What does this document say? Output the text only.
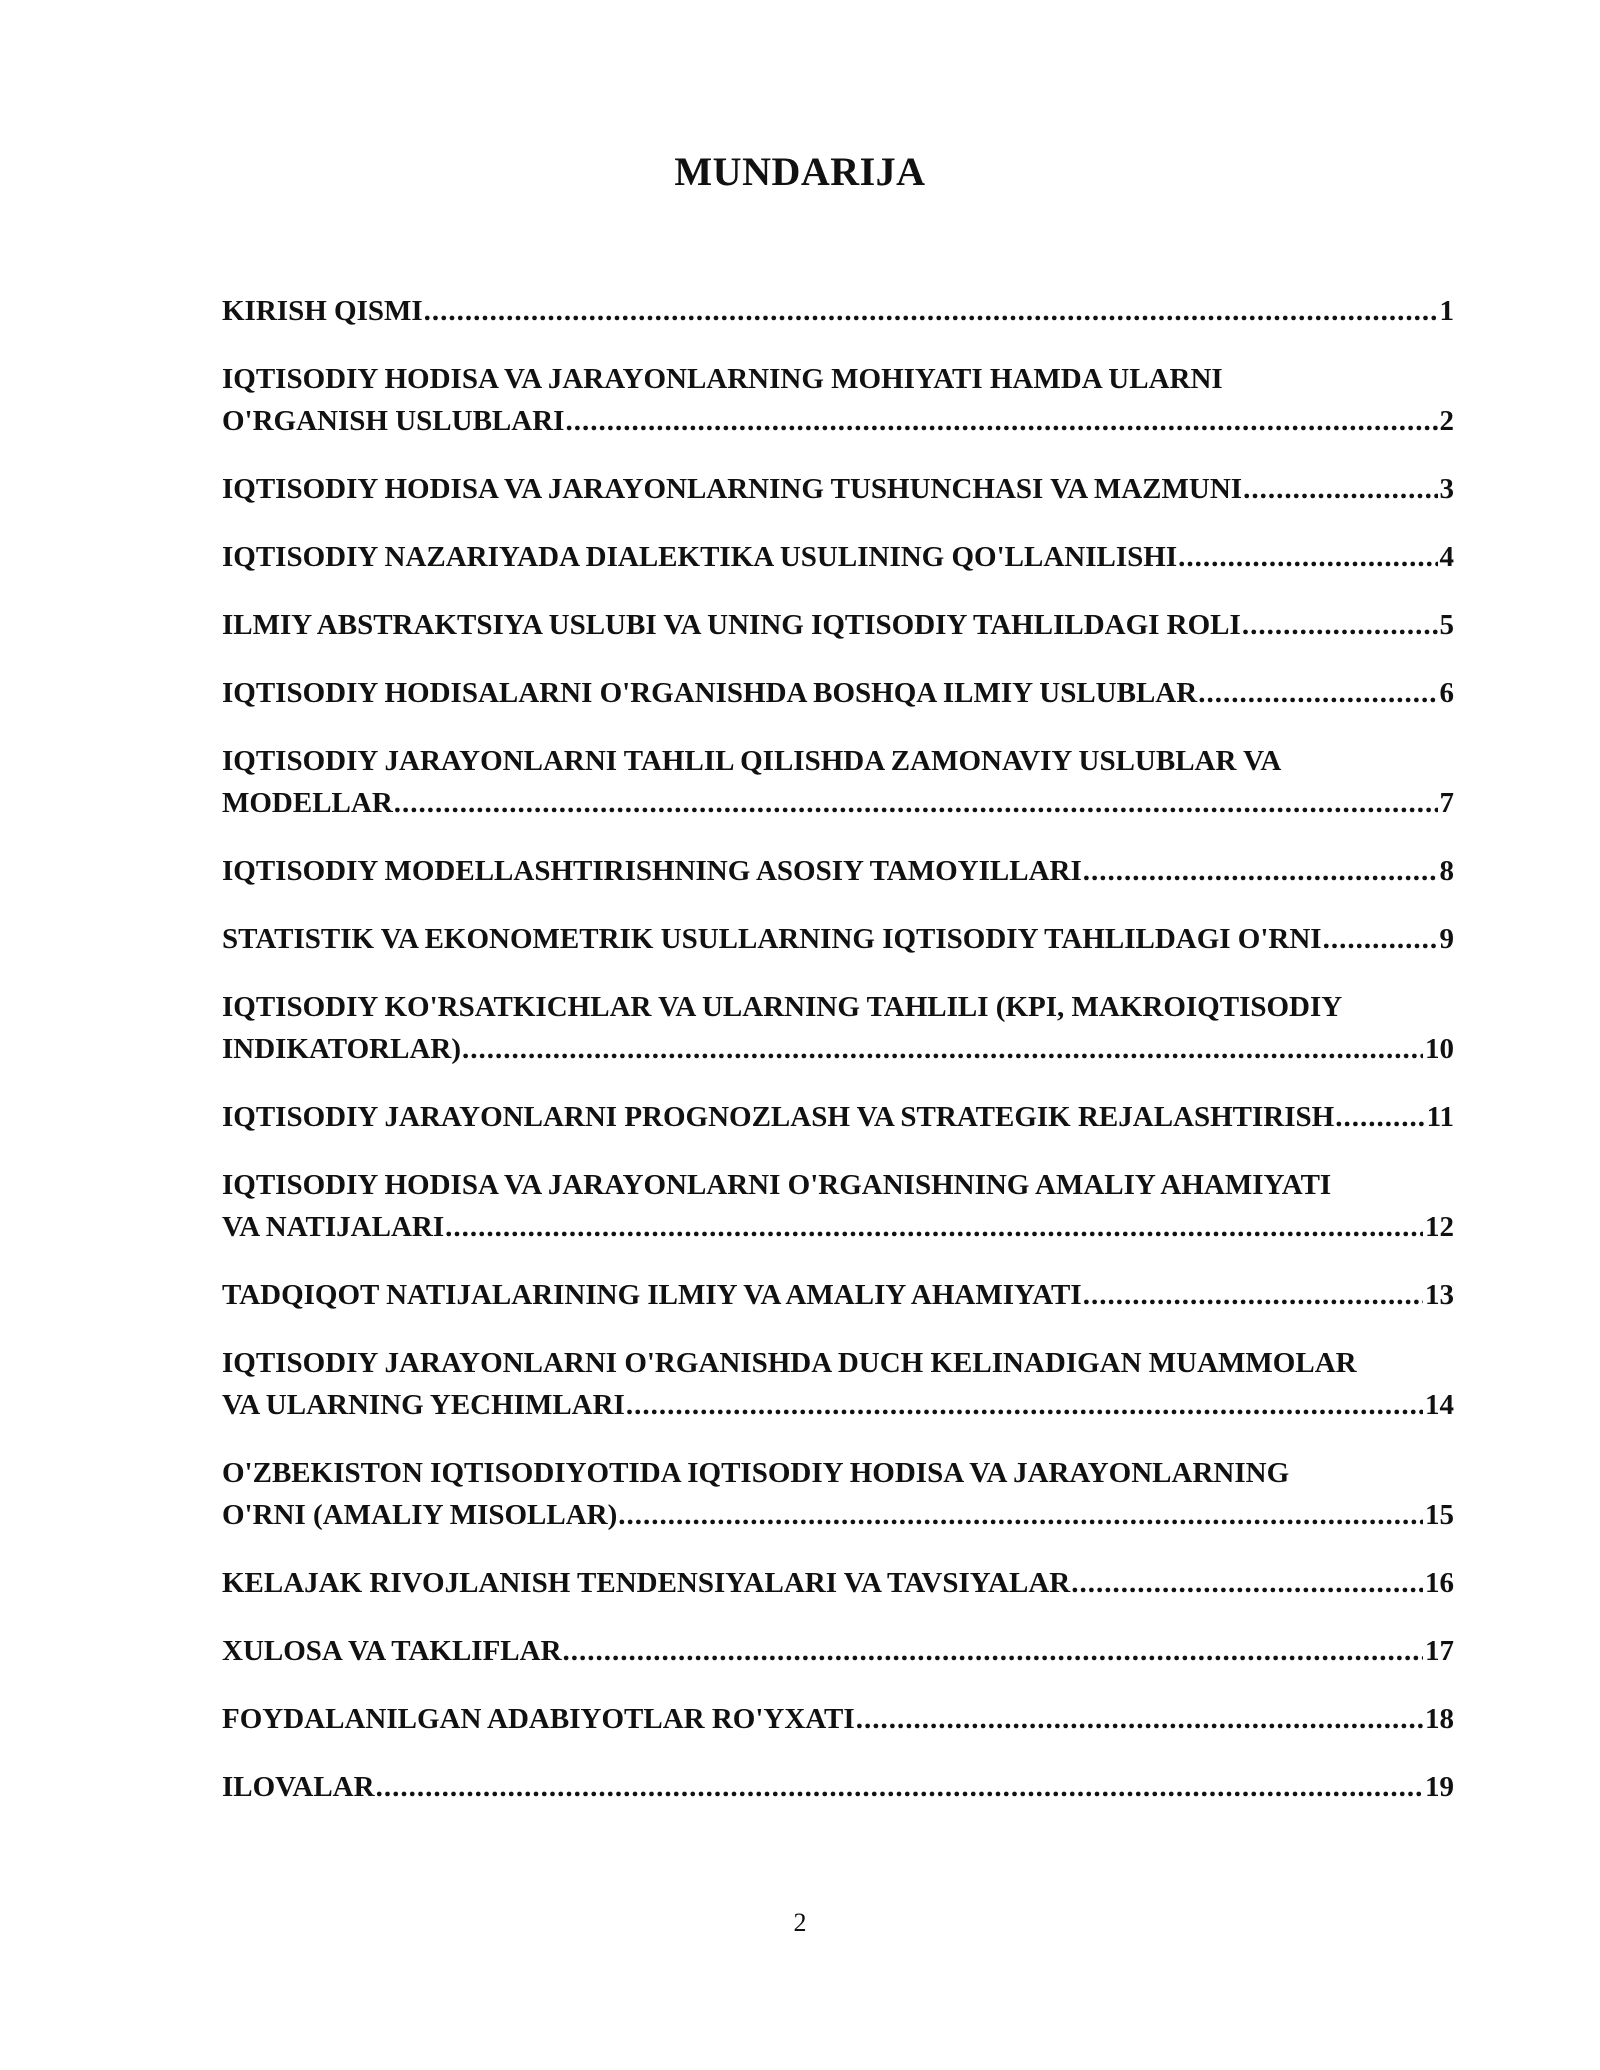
MUNDARIJA
KIRISH QISMI .....	1
IQTISODIY HODISA VA JARAYONLARNING MOHIYATI HAMDA ULARNI
O'RGANISH USLUBLARI .....	2
IQTISODIY HODISA VA JARAYONLARNING TUSHUNCHASI VA MAZMUNI .....	3
IQTISODIY NAZARIYADA DIALEKTIKA USULINING QO'LLANILISHI .....	4
ILMIY ABSTRAKTSIYA USLUBI VA UNING IQTISODIY TAHLILDAGI ROLI .....	5
IQTISODIY HODISALARNI O'RGANISHDA BOSHQA ILMIY USLUBLAR .....	6
IQTISODIY JARAYONLARNI TAHLIL QILISHDA ZAMONAVIY USLUBLAR VA
MODELLAR .....	7
IQTISODIY MODELLASHTIRISHNING ASOSIY TAMOYILLARI .....	8
STATISTIK VA EKONOMETRIK USULLARNING IQTISODIY TAHLILDAGI O'RNI .....	9
IQTISODIY KO'RSATKICHLAR VA ULARNING TAHLILI (KPI, MAKROIQTISODIY
INDIKATORLAR) .....	10
IQTISODIY JARAYONLARNI PROGNOZLASH VA STRATEGIK REJALASHTIRISH .....	11
IQTISODIY HODISA VA JARAYONLARNI O'RGANISHNING AMALIY AHAMIYATI
VA NATIJALARI .....	12
TADQIQOT NATIJALARINING ILMIY VA AMALIY AHAMIYATI .....	13
IQTISODIY JARAYONLARNI O'RGANISHDA DUCH KELINADIGAN MUAMMOLAR
VA ULARNING YECHIMLARI .....	14
O'ZBEKISTON IQTISODIYOTIDA IQTISODIY HODISA VA JARAYONLARNING
O'RNI (AMALIY MISOLLAR) .....	15
KELAJAK RIVOJLANISH TENDENSIYALARI VA TAVSIYALAR .....	16
XULOSA VA TAKLIFLAR .....	17
FOYDALANILGAN ADABIYOTLAR RO'YXATI .....	18
ILOVALAR .....	19
2
